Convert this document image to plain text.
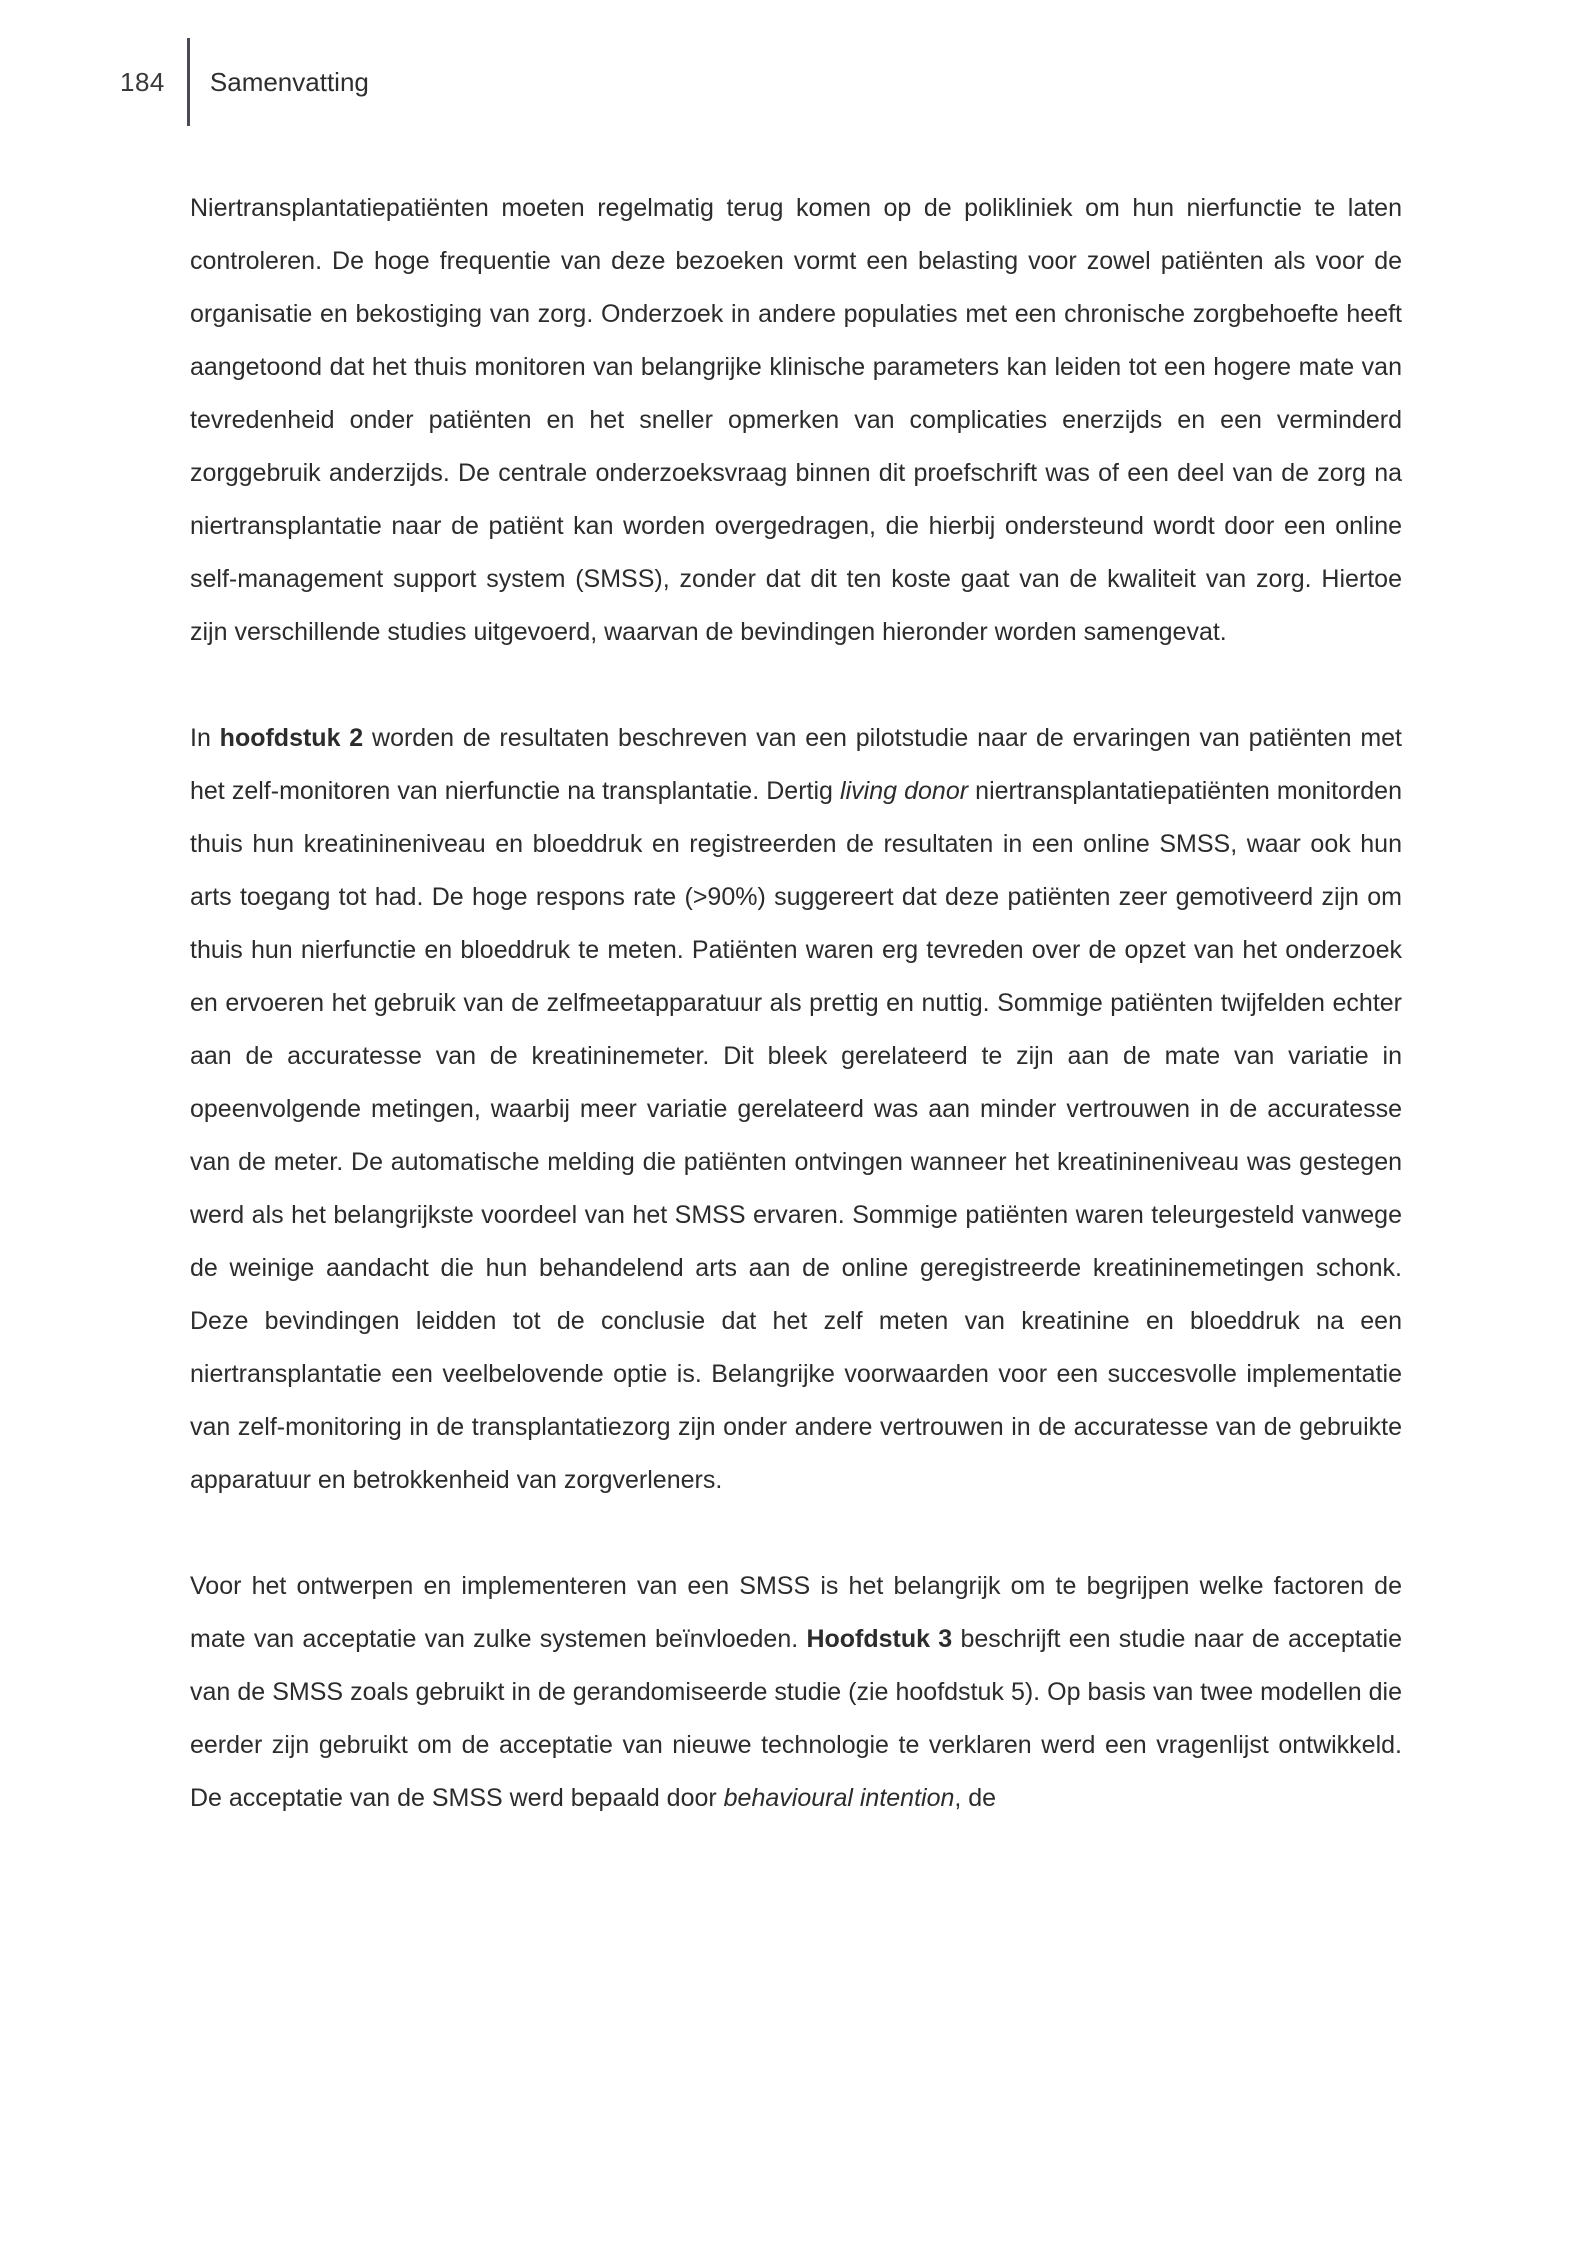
184	Samenvatting

Niertransplantatiepatiënten moeten regelmatig terug komen op de polikliniek om hun nierfunctie te laten controleren. De hoge frequentie van deze bezoeken vormt een belasting voor zowel patiënten als voor de organisatie en bekostiging van zorg. Onderzoek in andere populaties met een chronische zorgbehoefte heeft aangetoond dat het thuis monitoren van belangrijke klinische parameters kan leiden tot een hogere mate van tevredenheid onder patiënten en het sneller opmerken van complicaties enerzijds en een verminderd zorggebruik anderzijds. De centrale onderzoeksvraag binnen dit proefschrift was of een deel van de zorg na niertransplantatie naar de patiënt kan worden overgedragen, die hierbij ondersteund wordt door een online self-management support system (SMSS), zonder dat dit ten koste gaat van de kwaliteit van zorg. Hiertoe zijn verschillende studies uitgevoerd, waarvan de bevindingen hieronder worden samengevat.

In hoofdstuk 2 worden de resultaten beschreven van een pilotstudie naar de ervaringen van patiënten met het zelf-monitoren van nierfunctie na transplantatie. Dertig living donor niertransplantatiepatiënten monitorden thuis hun kreatinineniveau en bloeddruk en registreerden de resultaten in een online SMSS, waar ook hun arts toegang tot had. De hoge respons rate (>90%) suggereert dat deze patiënten zeer gemotiveerd zijn om thuis hun nierfunctie en bloeddruk te meten. Patiënten waren erg tevreden over de opzet van het onderzoek en ervoeren het gebruik van de zelfmeetapparatuur als prettig en nuttig. Sommige patiënten twijfelden echter aan de accuratesse van de kreatininemeter. Dit bleek gerelateerd te zijn aan de mate van variatie in opeenvolgende metingen, waarbij meer variatie gerelateerd was aan minder vertrouwen in de accuratesse van de meter. De automatische melding die patiënten ontvingen wanneer het kreatinineniveau was gestegen werd als het belangrijkste voordeel van het SMSS ervaren. Sommige patiënten waren teleurgesteld vanwege de weinige aandacht die hun behandelend arts aan de online geregistreerde kreatininemetingen schonk. Deze bevindingen leidden tot de conclusie dat het zelf meten van kreatinine en bloeddruk na een niertransplantatie een veelbelovende optie is. Belangrijke voorwaarden voor een succesvolle implementatie van zelf-monitoring in de transplantatiezorg zijn onder andere vertrouwen in de accuratesse van de gebruikte apparatuur en betrokkenheid van zorgverleners.

Voor het ontwerpen en implementeren van een SMSS is het belangrijk om te begrijpen welke factoren de mate van acceptatie van zulke systemen beïnvloeden. Hoofdstuk 3 beschrijft een studie naar de acceptatie van de SMSS zoals gebruikt in de gerandomiseerde studie (zie hoofdstuk 5). Op basis van twee modellen die eerder zijn gebruikt om de acceptatie van nieuwe technologie te verklaren werd een vragenlijst ontwikkeld. De acceptatie van de SMSS werd bepaald door behavioural intention, de
